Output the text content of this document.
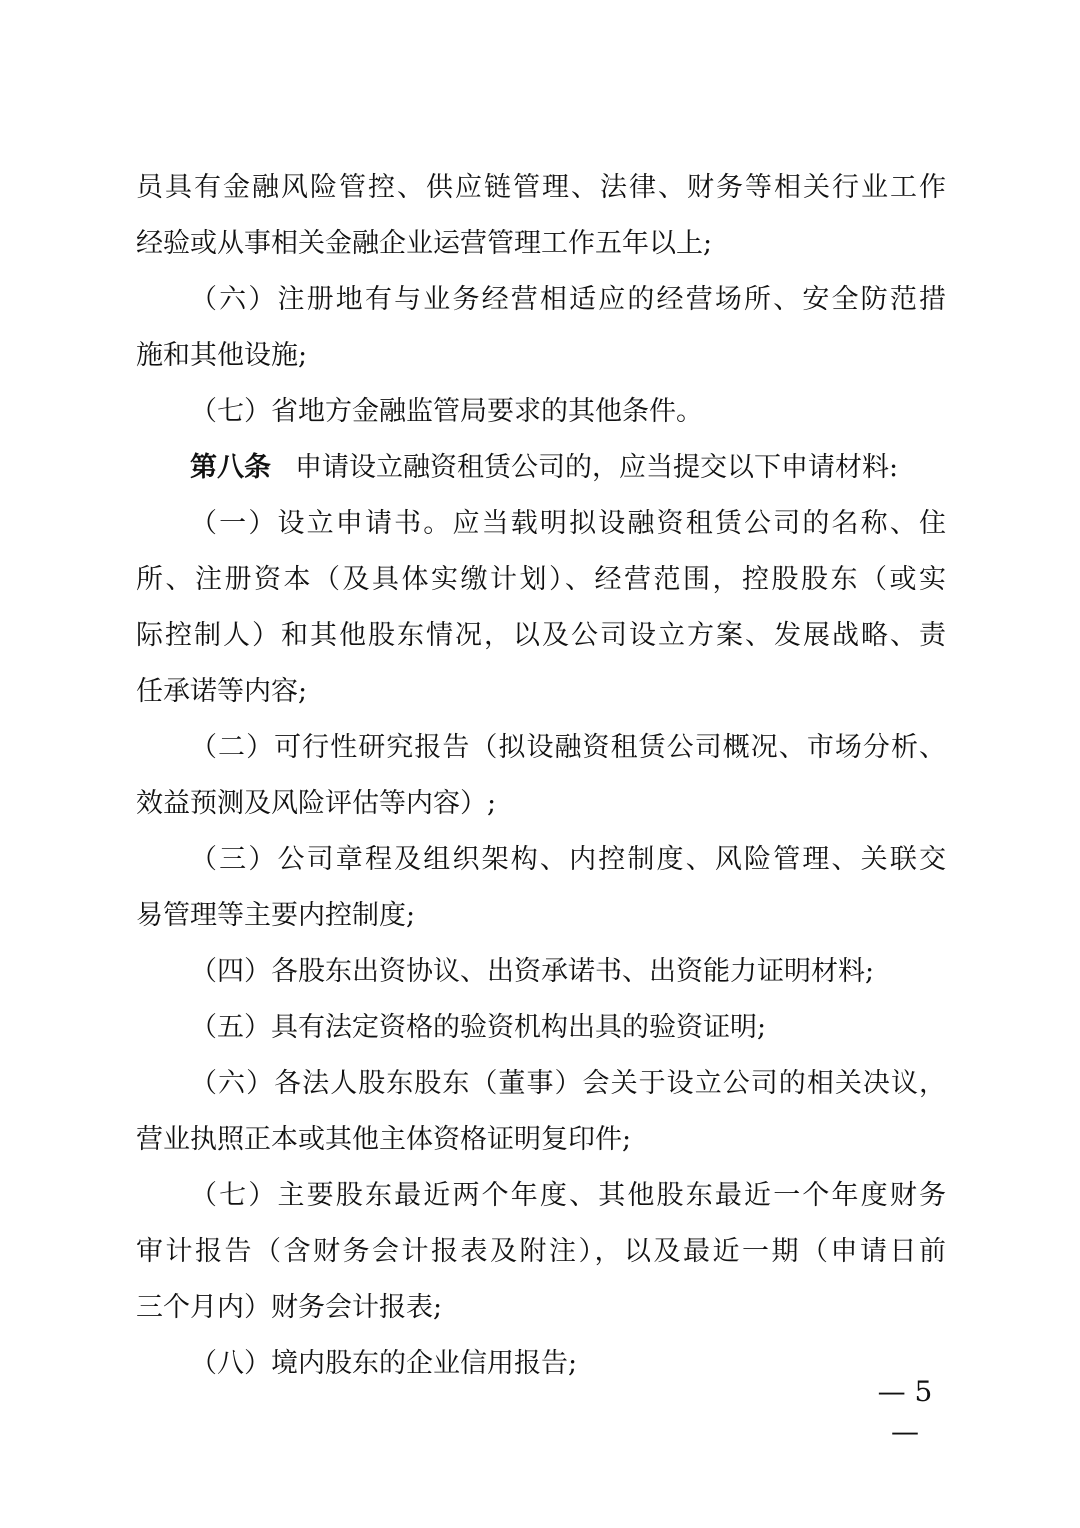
员具有金融风险管控、供应链管理、法律、财务等相关行业工作
经验或从事相关金融企业运营管理工作五年以上;
（六）注册地有与业务经营相适应的经营场所、安全防范措
施和其他设施;
（七）省地方金融监管局要求的其他条件。
第八条 申请设立融资租赁公司的，应当提交以下申请材料:
（一）设立申请书。应当载明拟设融资租赁公司的名称、住
所、注册资本（及具体实缴计划）、经营范围，控股股东（或实
际控制人）和其他股东情况，以及公司设立方案、发展战略、责
任承诺等内容;
（二）可行性研究报告（拟设融资租赁公司概况、市场分析、
效益预测及风险评估等内容）;
（三）公司章程及组织架构、内控制度、风险管理、关联交
易管理等主要内控制度;
（四）各股东出资协议、出资承诺书、出资能力证明材料;
（五）具有法定资格的验资机构出具的验资证明;
（六）各法人股东股东（董事）会关于设立公司的相关决议，
营业执照正本或其他主体资格证明复印件;
（七）主要股东最近两个年度、其他股东最近一个年度财务
审计报告（含财务会计报表及附注），以及最近一期（申请日前
三个月内）财务会计报表;
（八）境内股东的企业信用报告;
— 5 —
